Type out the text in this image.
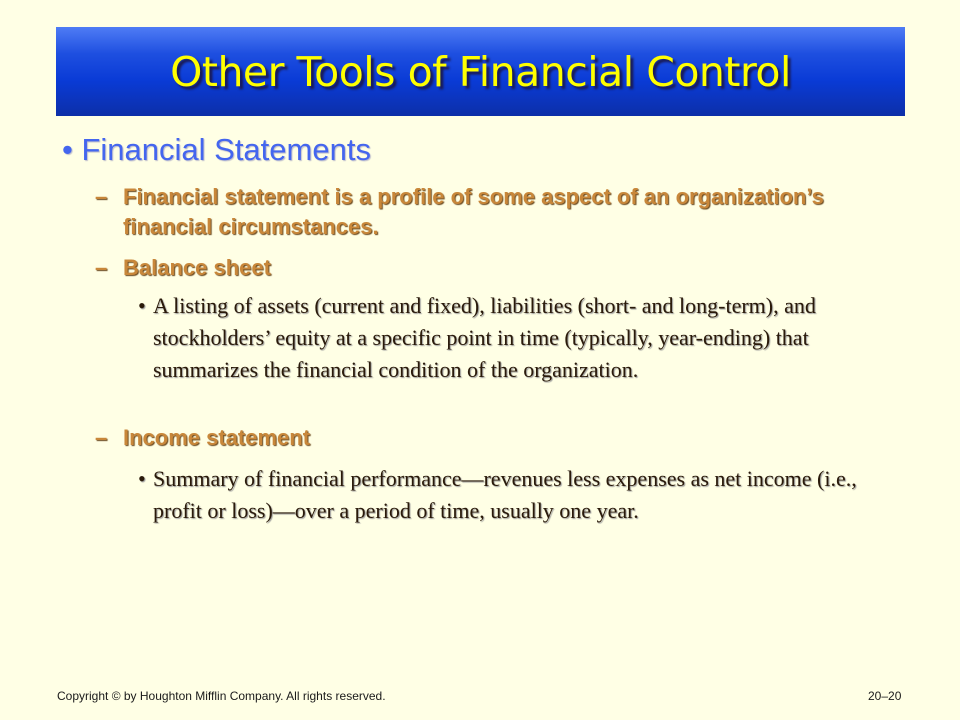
Other Tools of Financial Control
• Financial Statements
– Financial statement is a profile of some aspect of an organization’s financial circumstances.
– Balance sheet
• A listing of assets (current and fixed), liabilities (short- and long-term), and stockholders’ equity at a specific point in time (typically, year-ending) that summarizes the financial condition of the organization.
– Income statement
• Summary of financial performance—revenues less expenses as net income (i.e., profit or loss)—over a period of time, usually one year.
Copyright © by Houghton Mifflin Company. All rights reserved.	20–20
